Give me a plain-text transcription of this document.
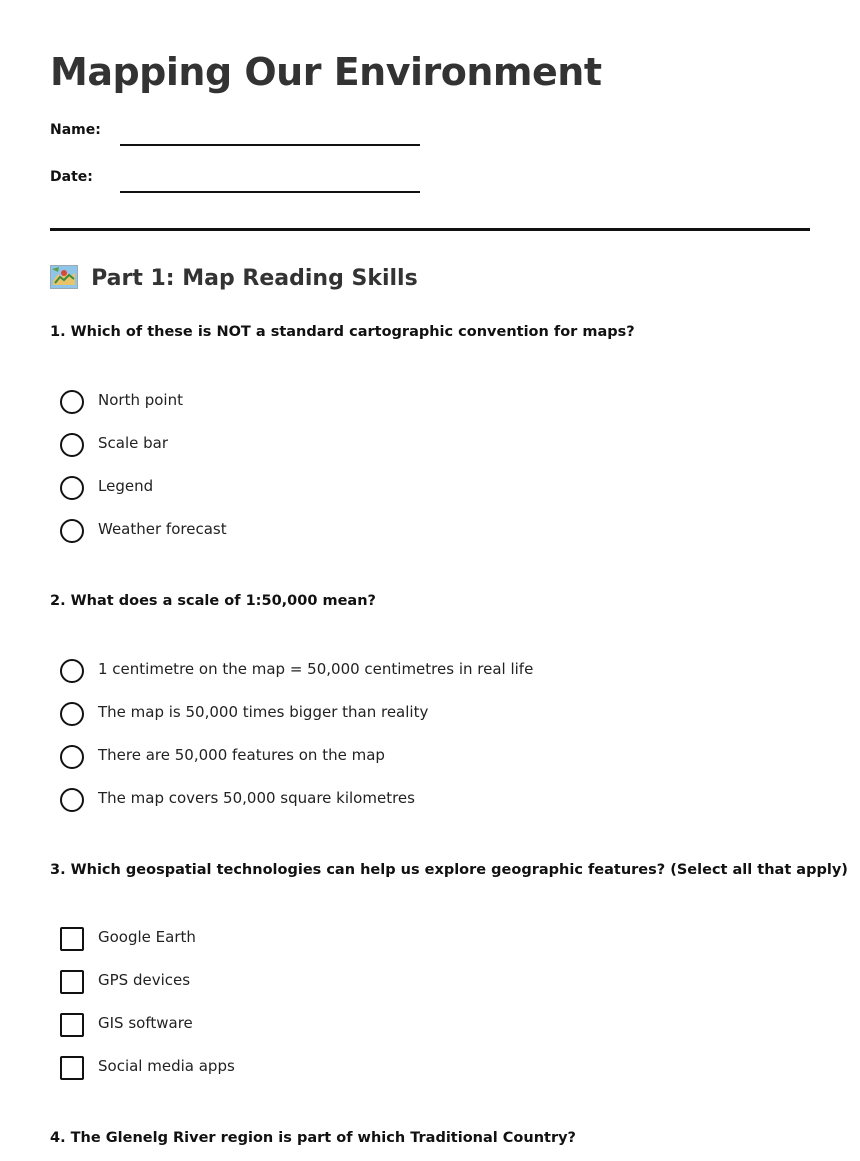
Mapping Our Environment
Name:
Date:
Part 1: Map Reading Skills
1. Which of these is NOT a standard cartographic convention for maps?
North point
Scale bar
Legend
Weather forecast
2. What does a scale of 1:50,000 mean?
1 centimetre on the map = 50,000 centimetres in real life
The map is 50,000 times bigger than reality
There are 50,000 features on the map
The map covers 50,000 square kilometres
3. Which geospatial technologies can help us explore geographic features? (Select all that apply)
Google Earth
GPS devices
GIS software
Social media apps
4. The Glenelg River region is part of which Traditional Country?
